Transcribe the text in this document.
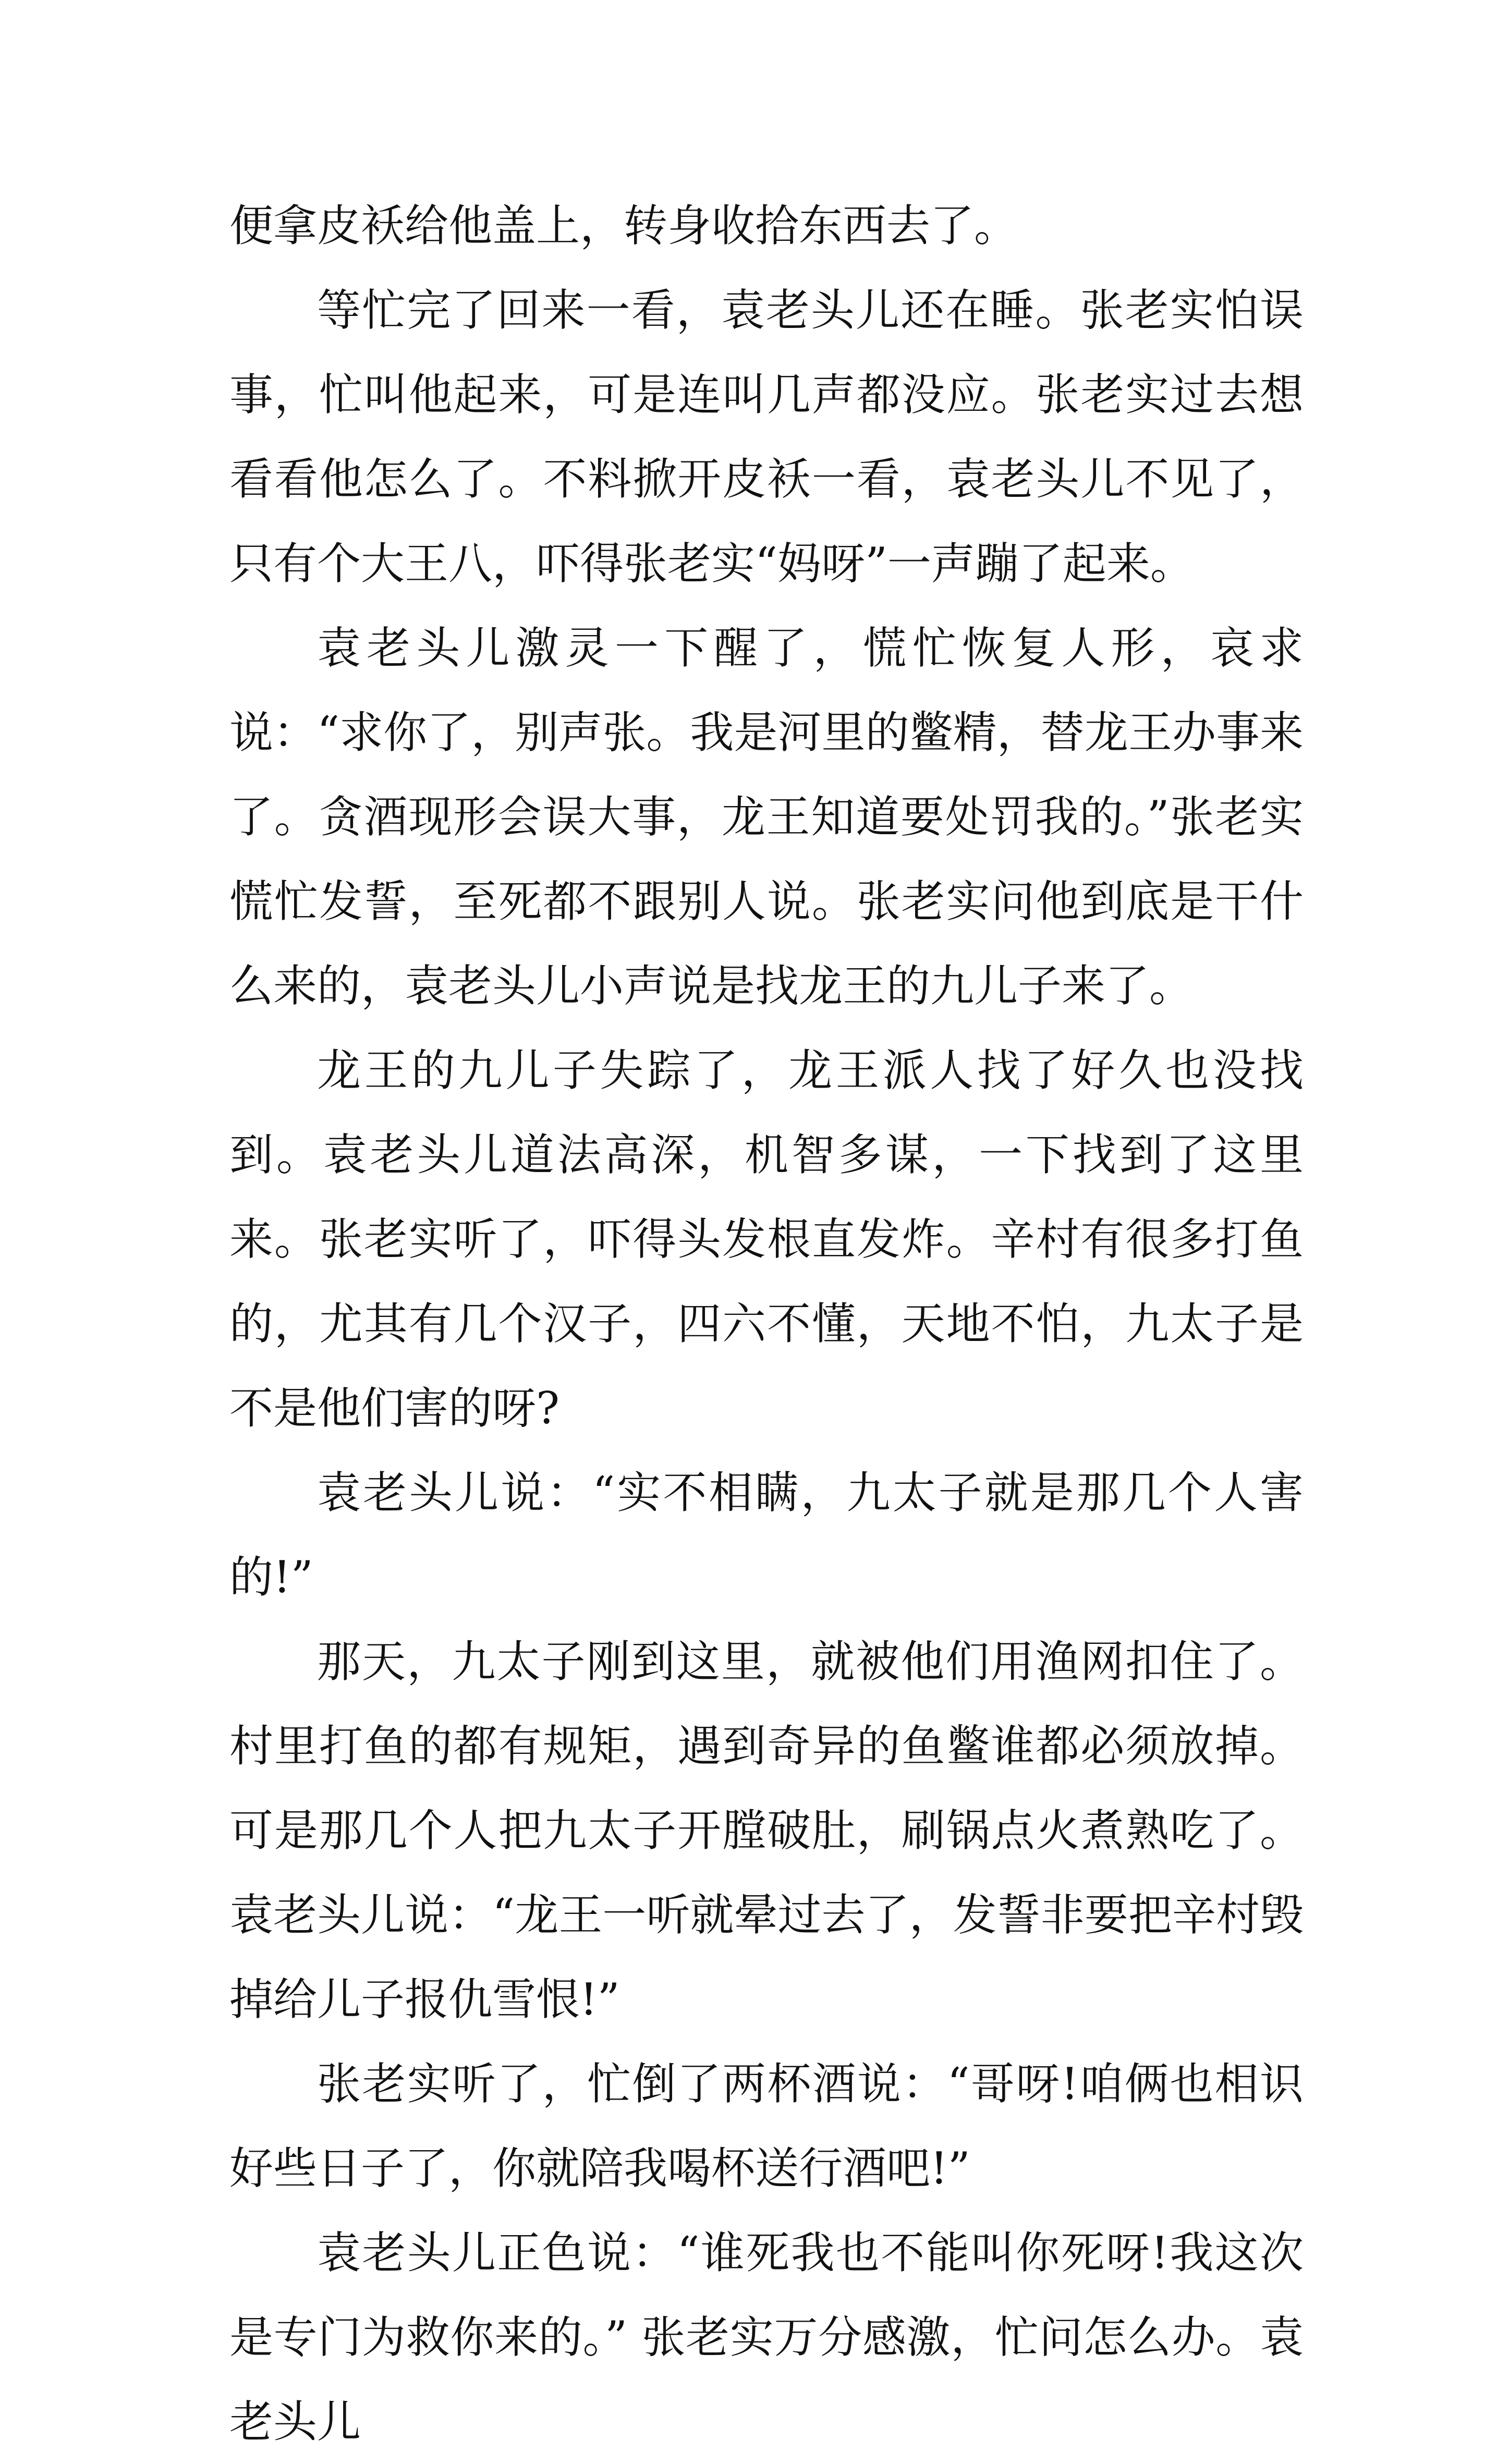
便拿皮袄给他盖上，转身收拾东西去了。

等忙完了回来一看，袁老头儿还在睡。张老实怕误事，忙叫他起来，可是连叫几声都没应。张老实过去想看看他怎么了。不料掀开皮袄一看，袁老头儿不见了，只有个大王八，吓得张老实“妈呀”一声蹦了起来。

袁老头儿激灵一下醒了，慌忙恢复人形，哀求说：“求你了，别声张。我是河里的鳖精，替龙王办事来了。贪酒现形会误大事，龙王知道要处罚我的。”张老实慌忙发誓，至死都不跟别人说。张老实问他到底是干什么来的，袁老头儿小声说是找龙王的九儿子来了。

龙王的九儿子失踪了，龙王派人找了好久也没找到。袁老头儿道法高深，机智多谋，一下找到了这里来。张老实听了，吓得头发根直发炸。辛村有很多打鱼的，尤其有几个汉子，四六不懂，天地不怕，九太子是不是他们害的呀?

袁老头儿说：“实不相瞒，九太子就是那几个人害的!”

那天，九太子刚到这里，就被他们用渔网扣住了。村里打鱼的都有规矩，遇到奇异的鱼鳖谁都必须放掉。可是那几个人把九太子开膛破肚，刷锅点火煮熟吃了。袁老头儿说：“龙王一听就晕过去了，发誓非要把辛村毁掉给儿子报仇雪恨!”

张老实听了，忙倒了两杯酒说：“哥呀!咱俩也相识好些日子了，你就陪我喝杯送行酒吧!”

袁老头儿正色说：“谁死我也不能叫你死呀!我这次是专门为救你来的。” 张老实万分感激，忙问怎么办。袁老头儿
